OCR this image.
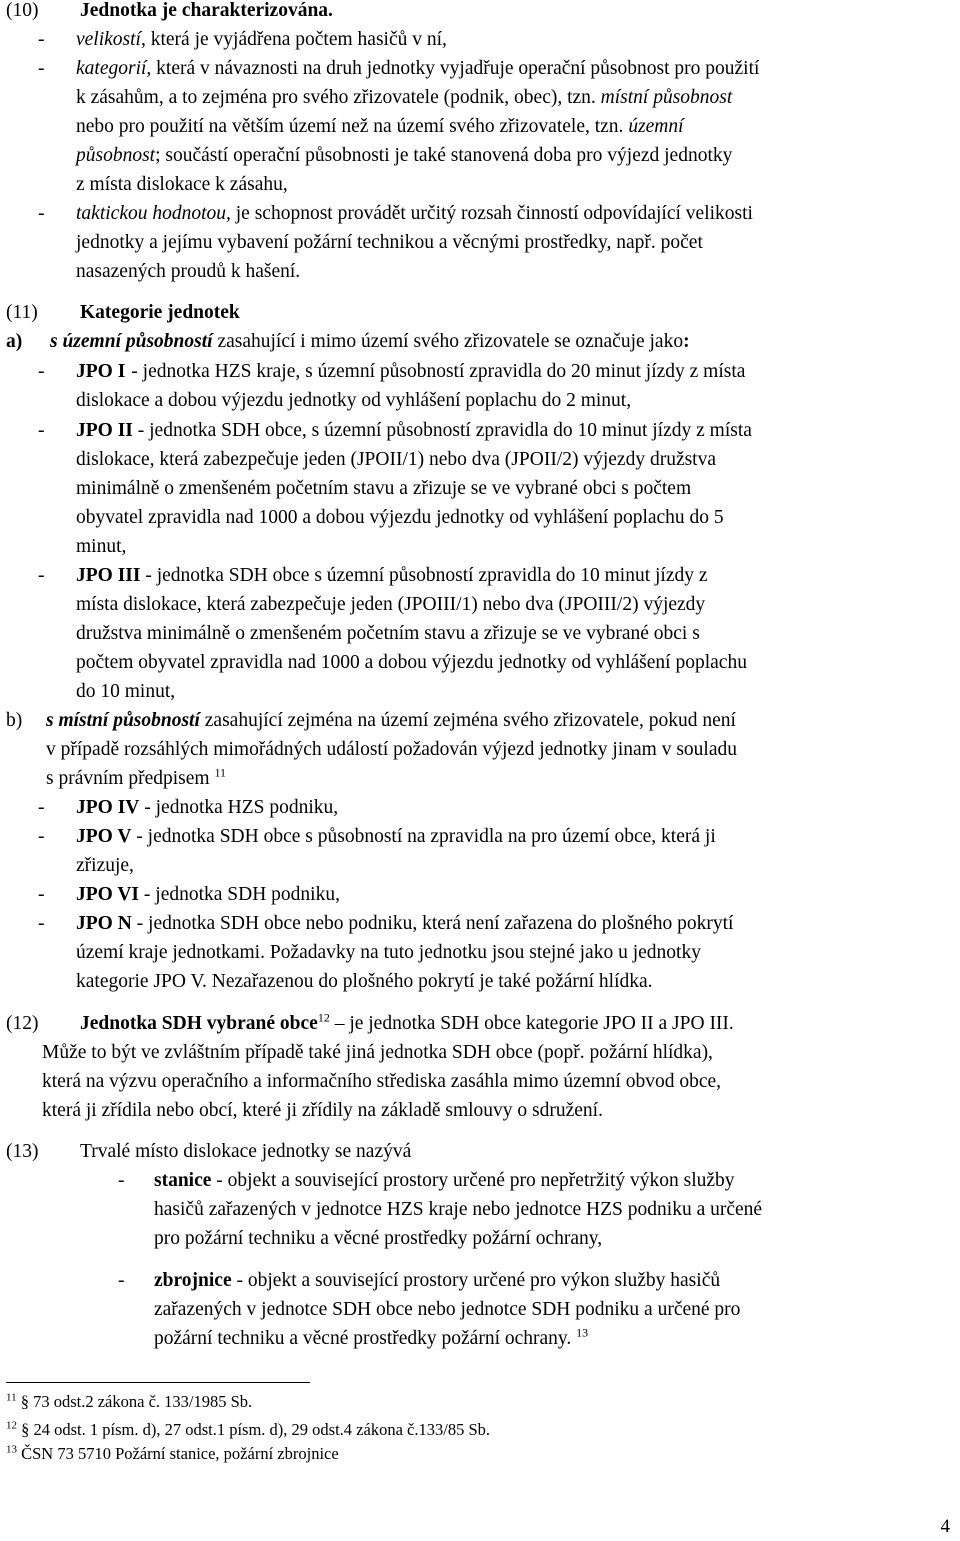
(10) Jednotka je charakterizována.
- velikostí, která je vyjádřena počtem hasičů v ní,
- kategorií, která v návaznosti na druh jednotky vyjadřuje operační působnost pro použití
k zásahům, a to zejména pro svého zřizovatele (podnik, obec), tzn. místní působnost
nebo pro použití na větším území než na území svého zřizovatele, tzn. územní
působnost; součástí operační působnosti je také stanovená doba pro výjezd jednotky
z místa dislokace k zásahu,
- taktickou hodnotou, je schopnost provádět určitý rozsah činností odpovídající velikosti
jednotky a jejímu vybavení požární technikou a věcnými prostředky, např. počet
nasazených proudů k hašení.
(11) Kategorie jednotek
a) s územní působností zasahující i mimo území svého zřizovatele se označuje jako:
- JPO I - jednotka HZS kraje, s územní působností zpravidla do 20 minut jízdy z místa
dislokace a dobou výjezdu jednotky od vyhlášení poplachu do 2 minut,
- JPO II - jednotka SDH obce, s územní působností zpravidla do 10 minut jízdy z místa
dislokace, která zabezpečuje jeden (JPOII/1) nebo dva (JPOII/2) výjezdy družstva
minimálně o zmenšeném početním stavu a zřizuje se ve vybrané obci s počtem
obyvatel zpravidla nad 1000 a dobou výjezdu jednotky od vyhlášení poplachu do 5
minut,
- JPO III - jednotka SDH obce s územní působností zpravidla do 10 minut jízdy z
místa dislokace, která zabezpečuje jeden (JPOIII/1) nebo dva (JPOIII/2) výjezdy
družstva minimálně o zmenšeném početním stavu a zřizuje se ve vybrané obci s
počtem obyvatel zpravidla nad 1000 a dobou výjezdu jednotky od vyhlášení poplachu
do 10 minut,
b) s místní působností zasahující zejména na území zejména svého zřizovatele, pokud není
v případě rozsáhlých mimořádných událostí požadován výjezd jednotky jinam v souladu
s právním předpisem $^{11}$
- JPO IV - jednotka HZS podniku,
- JPO V - jednotka SDH obce s působností na zpravidla na pro území obce, která ji
zřizuje,
- JPO VI - jednotka SDH podniku,
- JPO N - jednotka SDH obce nebo podniku, která není zařazena do plošného pokrytí
území kraje jednotkami. Požadavky na tuto jednotku jsou stejné jako u jednotky
kategorie JPO V. Nezařazenou do plošného pokrytí je také požární hlídka.
(12) Jednotka SDH vybrané obce$^{12}$ – je jednotka SDH obce kategorie JPO II a JPO III.
Může to být ve zvláštním případě také jiná jednotka SDH obce (popř. požární hlídka),
která na výzvu operačního a informačního střediska zasáhla mimo územní obvod obce,
která ji zřídila nebo obcí, které ji zřídily na základě smlouvy o sdružení.
(13) Trvalé místo dislokace jednotky se nazývá
- stanice - objekt a související prostory určené pro nepřetržitý výkon služby
hasičů zařazených v jednotce HZS kraje nebo jednotce HZS podniku a určené
pro požární techniku a věcné prostředky požární ochrany,
- zbrojnice - objekt a související prostory určené pro výkon služby hasičů
zařazených v jednotce SDH obce nebo jednotce SDH podniku a určené pro
požární techniku a věcné prostředky požární ochrany. $^{13}$
$^{11}$ § 73 odst.2 zákona č. 133/1985 Sb.
$^{12}$ § 24 odst. 1 písm. d), 27 odst.1 písm. d), 29 odst.4 zákona č.133/85 Sb.
$^{13}$ ČSN 73 5710 Požární stanice, požární zbrojnice
4
